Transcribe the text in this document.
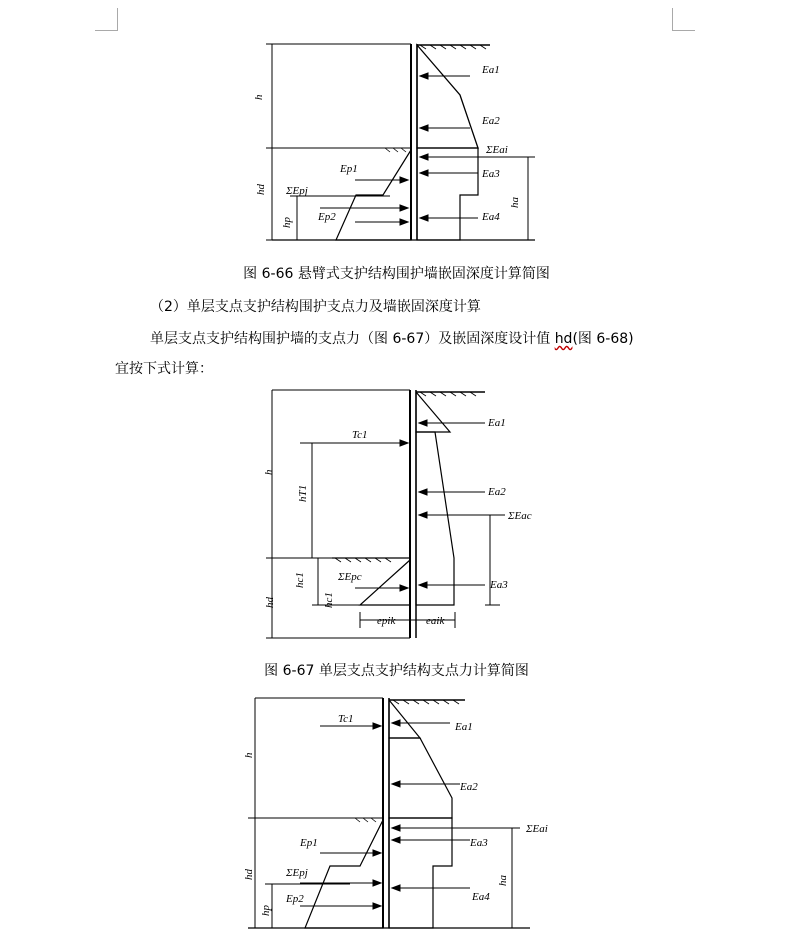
h
hd
hp
ha
Ea1
Ea2
ΣEai
Ep1	Ea3
ΣEpj
Ep2	Ea4
图 6-66 悬臂式支护结构围护墙嵌固深度计算简图
（2）单层支点支护结构围护支点力及墙嵌固深度计算
单层支点支护结构围护墙的支点力（图 6-67）及嵌固深度设计值 hd(图 6-68)
宜按下式计算：
Tc1
h
hT1
hc1
hd	hc1
Ea1
Ea2
ΣEac
ΣEpc
Ea3
epik	eaik
图 6-67 单层支点支护结构支点力计算简图
Tc1
h
hd
hp
ha
Ea1
Ea2
ΣEai
Ep1	Ea3
ΣEpj
Ep2	Ea4
